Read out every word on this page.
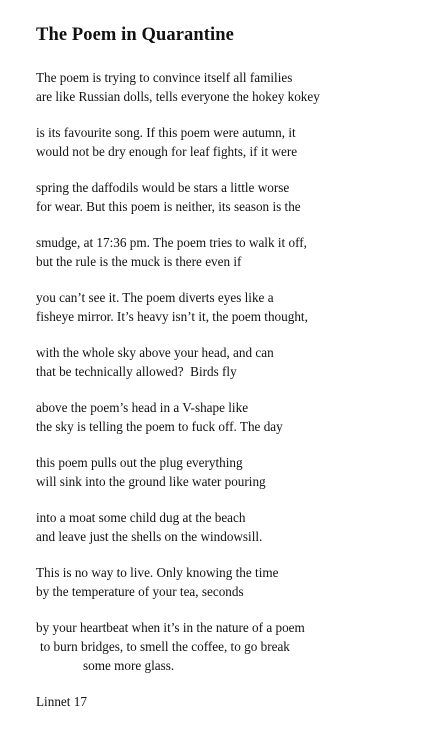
The Poem in Quarantine
The poem is trying to convince itself all families
are like Russian dolls, tells everyone the hokey kokey
is its favourite song. If this poem were autumn, it
would not be dry enough for leaf fights, if it were
spring the daffodils would be stars a little worse
for wear. But this poem is neither, its season is the
smudge, at 17:36 pm. The poem tries to walk it off,
but the rule is the muck is there even if
you can’t see it. The poem diverts eyes like a
fisheye mirror. It’s heavy isn’t it, the poem thought,
with the whole sky above your head, and can
that be technically allowed?  Birds fly
above the poem’s head in a V-shape like
the sky is telling the poem to fuck off. The day
this poem pulls out the plug everything
will sink into the ground like water pouring
into a moat some child dug at the beach
and leave just the shells on the windowsill.
This is no way to live. Only knowing the time
by the temperature of your tea, seconds
by your heartbeat when it’s in the nature of a poem
to burn bridges, to smell the coffee, to go break
some more glass.
Linnet 17
